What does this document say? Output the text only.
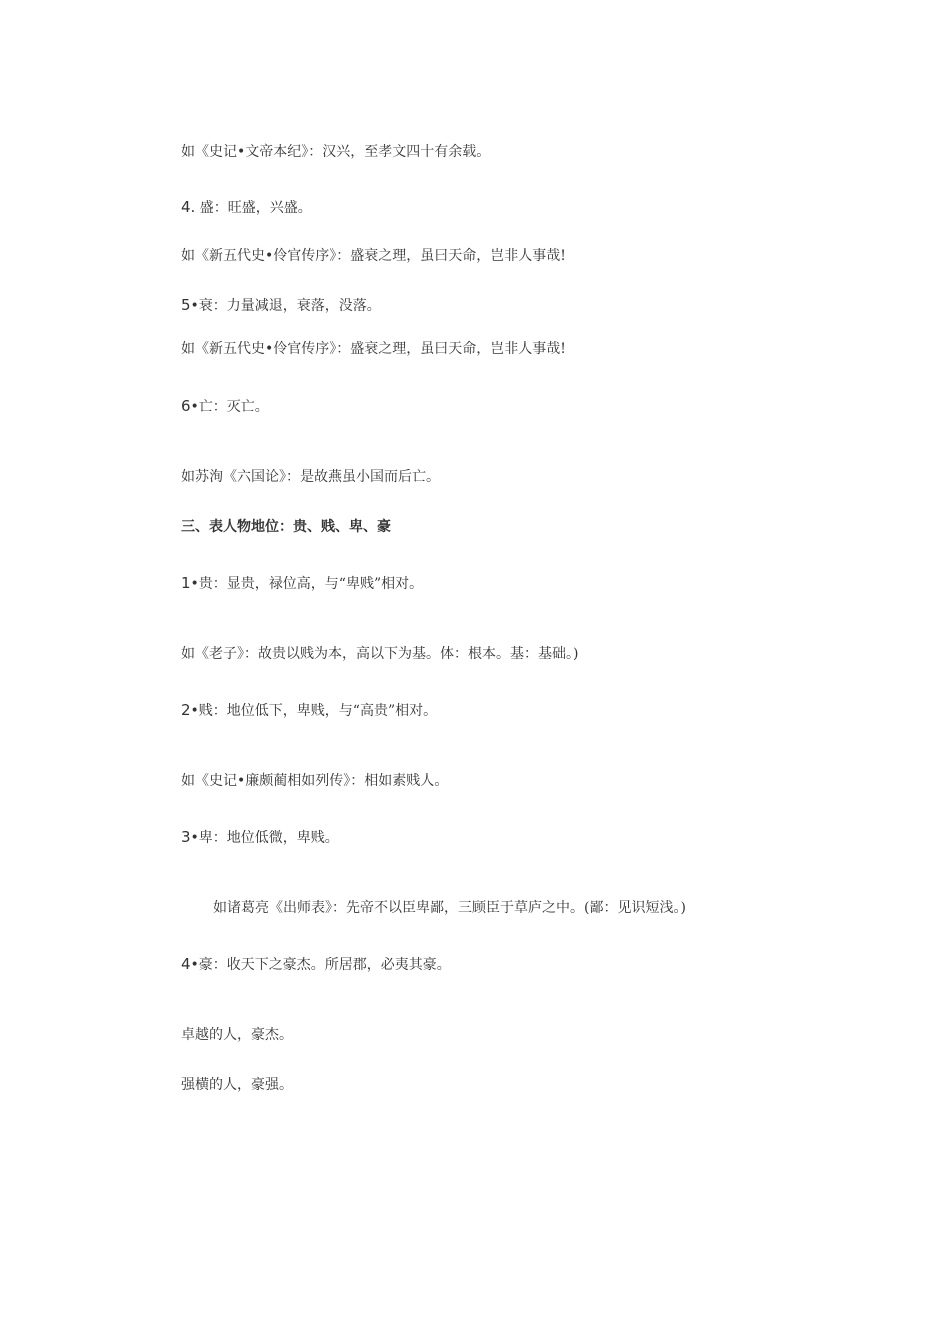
如《史记•文帝本纪》：汉兴，至孝文四十有余载。
4. 盛：旺盛，兴盛。
如《新五代史•伶官传序》：盛衰之理，虽曰天命，岂非人事哉!
5•衰：力量减退，衰落，没落。
如《新五代史•伶官传序》：盛衰之理，虽曰天命，岂非人事哉!
6•亡：灭亡。
如苏洵《六国论》：是故燕虽小国而后亡。
三、表人物地位：贵、贱、卑、豪
1•贵：显贵，禄位高，与“卑贱”相对。
如《老子》：故贵以贱为本，高以下为基。体：根本。基：基础。)
2•贱：地位低下，卑贱，与“高贵”相对。
如《史记•廉颇蔺相如列传》：相如素贱人。
3•卑：地位低微，卑贱。
如诸葛亮《出师表》：先帝不以臣卑鄙，三顾臣于草庐之中。(鄙：见识短浅。)
4•豪：收天下之豪杰。所居郡，必夷其豪。
卓越的人，豪杰。
强横的人，豪强。
